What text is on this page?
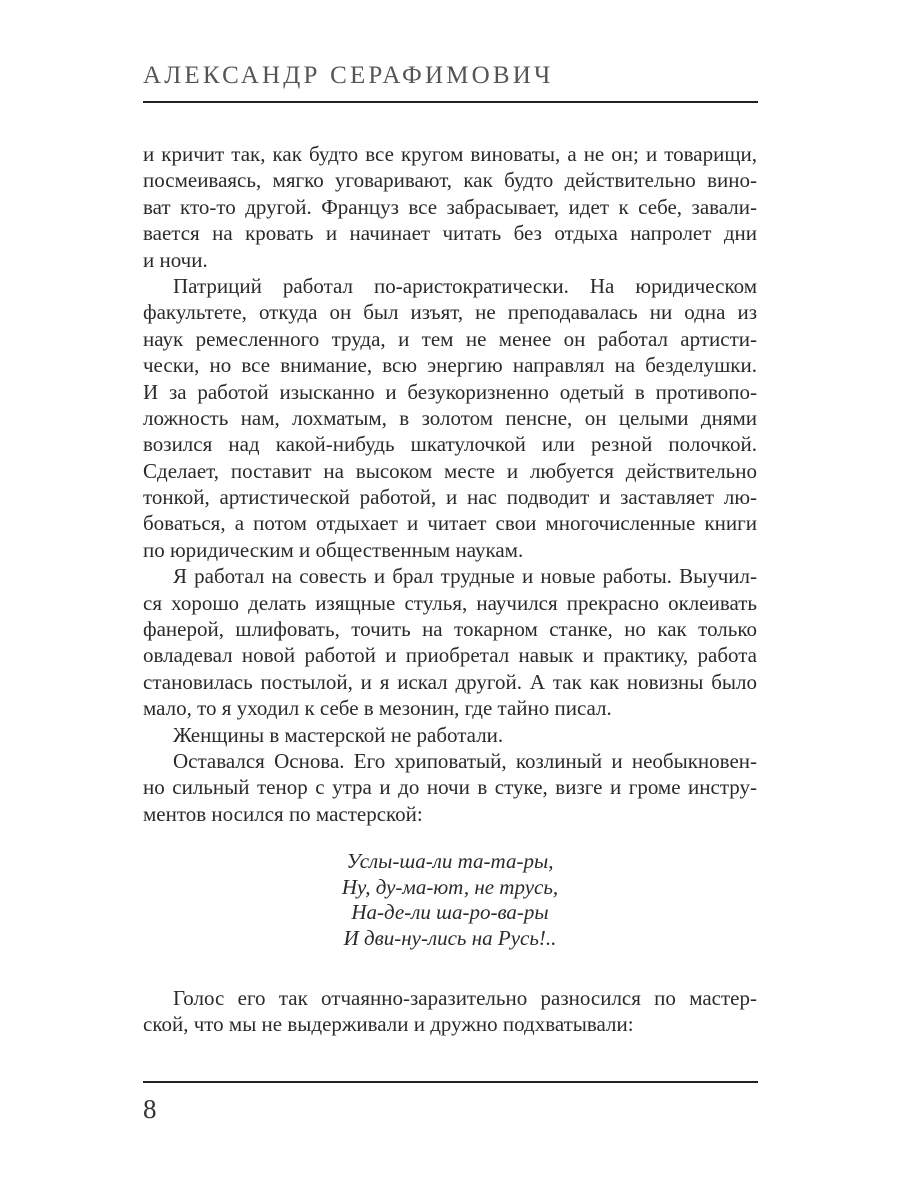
АЛЕКСАНДР СЕРАФИМОВИЧ
и кричит так, как будто все кругом виноваты, а не он; и товарищи,
посмеиваясь, мягко уговаривают, как будто действительно вино-
ват кто-то другой. Француз все забрасывает, идет к себе, завали-
вается на кровать и начинает читать без отдыха напролет дни
и ночи.
Патриций работал по-аристократически. На юридическом
факультете, откуда он был изъят, не преподавалась ни одна из
наук ремесленного труда, и тем не менее он работал артисти-
чески, но все внимание, всю энергию направлял на безделушки.
И за работой изысканно и безукоризненно одетый в противопо-
ложность нам, лохматым, в золотом пенсне, он целыми днями
возился над какой-нибудь шкатулочкой или резной полочкой.
Сделает, поставит на высоком месте и любуется действительно
тонкой, артистической работой, и нас подводит и заставляет лю-
боваться, а потом отдыхает и читает свои многочисленные книги
по юридическим и общественным наукам.
Я работал на совесть и брал трудные и новые работы. Выучил-
ся хорошо делать изящные стулья, научился прекрасно оклеивать
фанерой, шлифовать, точить на токарном станке, но как только
овладевал новой работой и приобретал навык и практику, работа
становилась постылой, и я искал другой. А так как новизны было
мало, то я уходил к себе в мезонин, где тайно писал.
Женщины в мастерской не работали.
Оставался Основа. Его хриповатый, козлиный и необыкновен-
но сильный тенор с утра и до ночи в стуке, визге и громе инстру-
ментов носился по мастерской:
Услы-ша-ли та-та-ры,
Ну, ду-ма-ют, не трусь,
На-де-ли ша-ро-ва-ры
И дви-ну-лись на Русь!..
Голос его так отчаянно-заразительно разносился по мастер-
ской, что мы не выдерживали и дружно подхватывали:
8
